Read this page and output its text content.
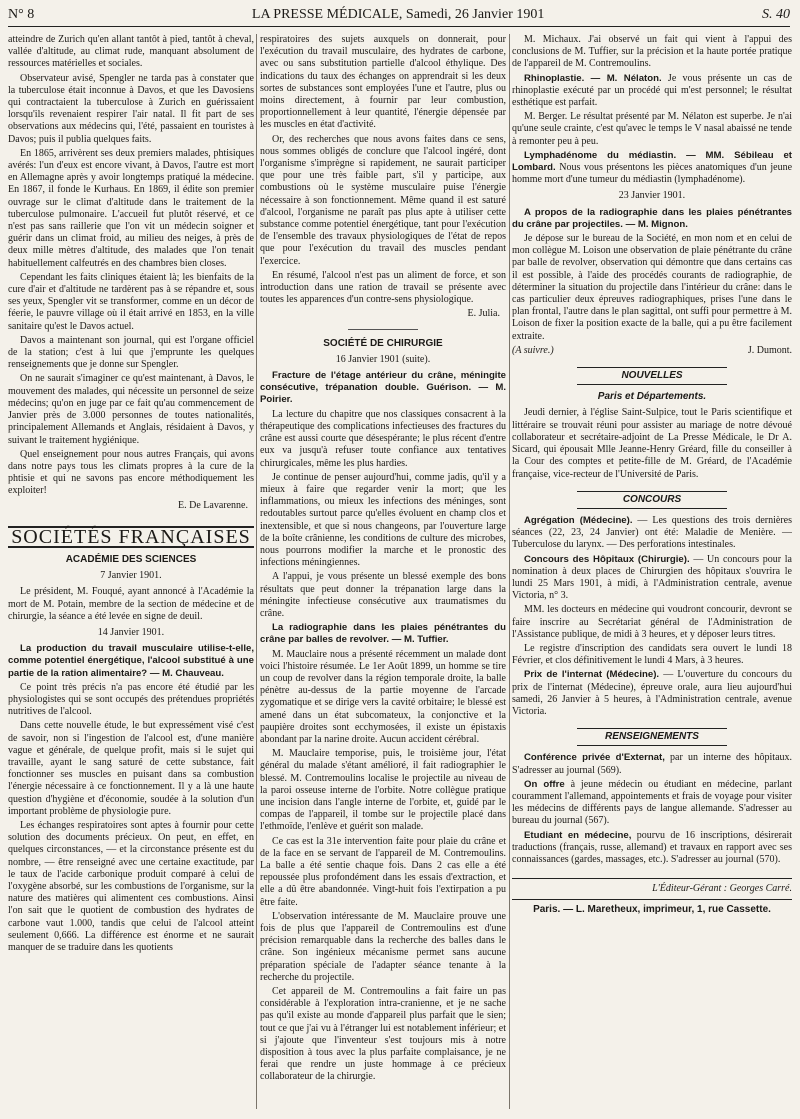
N° 8	LA PRESSE MÉDICALE, Samedi, 26 Janvier 1901	S. 40

atteindre de Zurich qu'en allant tantôt à pied, tantôt à cheval, vallée d'altitude, au climat rude, manquant absolument de ressources matérielles et sociales.

Observateur avisé, Spengler ne tarda pas à constater que la tuberculose était inconnue à Davos, et que les Davosiens qui contractaient la tuberculose à Zurich en guérissaient lorsqu'ils revenaient respirer l'air natal. Il fit part de ses observations aux médecins qui, l'été, passaient en touristes à Davos; puis il publia quelques faits.

En 1865, arrivèrent ses deux premiers malades, phtisiques avérés: l'un d'eux est encore vivant, à Davos, l'autre est mort en Allemagne après y avoir longtemps pratiqué la médecine. En 1867, il fonde le Kurhaus. En 1869, il édite son premier ouvrage sur le climat d'altitude dans le traitement de la tuberculose pulmonaire. L'accueil fut plutôt réservé, et ce n'est pas sans raillerie que l'on vit un médecin soigner et guérir dans un climat froid, au milieu des neiges, à près de deux mille mètres d'altitude, des malades que l'on tenait habituellement calfeutrés en des chambres bien closes.

Cependant les faits cliniques étaient là; les bienfaits de la cure d'air et d'altitude ne tardèrent pas à se répandre et, sous ses yeux, Spengler vit se transformer, comme en un décor de féerie, le pauvre village où il était arrivé en 1853, en la ville sanitaire qu'est le Davos actuel.

Davos a maintenant son journal, qui est l'organe officiel de la station; c'est à lui que j'emprunte les quelques renseignements que je donne sur Spengler.

On ne saurait s'imaginer ce qu'est maintenant, à Davos, le mouvement des malades, qui nécessite un personnel de seize médecins; qu'on en juge par ce fait qu'au commencement de Janvier près de 3.000 personnes de toutes nationalités, principalement Allemands et Anglais, résidaient à Davos, y suivant le traitement hygiénique.

Quel enseignement pour nous autres Français, qui avons dans notre pays tous les climats propres à la cure de la phtisie et qui ne savons pas encore méthodiquement les exploiter!

E. De Lavarenne.

SOCIÉTÉS FRANÇAISES
ACADÉMIE DES SCIENCES
7 Janvier 1901.

Le président, M. Fouqué, ayant annoncé à l'Académie la mort de M. Potain, membre de la section de médecine et de chirurgie, la séance a été levée en signe de deuil.

14 Janvier 1901.

La production du travail musculaire utilise-t-elle, comme potentiel énergétique, l'alcool substitué à une partie de la ration alimentaire? — M. Chauveau.

Ce point très précis n'a pas encore été étudié par les physiologistes qui se sont occupés des prétendues propriétés nutritives de l'alcool.

Dans cette nouvelle étude, le but expressément visé c'est de savoir, non si l'ingestion de l'alcool est, d'une manière vague et générale, de quelque profit, mais si le sujet qui travaille, ayant le sang saturé de cette substance, fait fonctionner ses muscles en puisant dans sa combustion l'énergie nécessaire à ce fonctionnement. Il y a là une haute question d'hygiène et d'économie, soudée à la solution d'un important problème de physiologie pure.

Les échanges respiratoires sont aptes à fournir pour cette solution des documents précieux. On peut, en effet, en quelques circonstances, — et la circonstance présente est du nombre, — être renseigné avec une certaine exactitude, par le taux de l'acide carbonique produit comparé à celui de l'oxygène absorbé, sur les combustions de l'organisme, sur la nature des matières qui alimentent ces combustions. Ainsi l'on sait que le quotient de combustion des hydrates de carbone vaut 1.000, tandis que celui de l'alcool atteint seulement 0,666. La différence est énorme et ne saurait manquer de se traduire dans les quotients

respiratoires des sujets auxquels on donnerait, pour l'exécution du travail musculaire, des hydrates de carbone, avec ou sans substitution partielle d'alcool éthylique. Des indications du taux des échanges on apprendrait si les deux sortes de substances sont employées l'une et l'autre, plus ou moins directement, à fournir par leur combustion, proportionnellement à leur quantité, l'énergie dépensée par les muscles en état d'activité.

Or, des recherches que nous avons faites dans ce sens, nous sommes obligés de conclure que l'alcool ingéré, dont l'organisme s'imprègne si rapidement, ne saurait participer que pour une très faible part, s'il y participe, aux combustions où le système musculaire puise l'énergie nécessaire à son fonctionnement. Même quand il est saturé d'alcool, l'organisme ne paraît pas plus apte à utiliser cette substance comme potentiel énergétique, tant pour l'exécution de l'ensemble des travaux physiologiques de l'état de repos que pour l'exécution du travail des muscles pendant l'exercice.

En résumé, l'alcool n'est pas un aliment de force, et son introduction dans une ration de travail se présente avec toutes les apparences d'un contre-sens physiologique.

E. Julia.

SOCIÉTÉ DE CHIRURGIE
16 Janvier 1901 (suite).

Fracture de l'étage antérieur du crâne, méningite consécutive, trépanation double. Guérison. — M. Poirier.

La lecture du chapitre que nos classiques consacrent à la thérapeutique des complications infectieuses des fractures du crâne est aussi courte que désespérante; le plus récent d'entre eux va jusqu'à refuser toute confiance aux tentatives chirurgicales, même les plus hardies.

Je continue de penser aujourd'hui, comme jadis, qu'il y a mieux à faire que regarder venir la mort; que les inflammations, ou mieux les infections des méninges, sont redoutables surtout parce qu'elles évoluent en champ clos et inextensible, et que si nous changeons, par l'ouverture large de la boîte crânienne, les conditions de culture des microbes, nous pourrons modifier la marche et le pronostic des infections méningiennes.

A l'appui, je vous présente un blessé exemple des bons résultats que peut donner la trépanation large dans la méningite infectieuse consécutive aux traumatismes du crâne.

La radiographie dans les plaies pénétrantes du crâne par balles de revolver. — M. Tuffier.

M. Mauclaire nous a présenté récemment un malade dont voici l'histoire résumée. Le 1er Août 1899, un homme se tire un coup de revolver dans la région temporale droite, la balle pénètre au-dessus de la partie moyenne de l'arcade zygomatique et se dirige vers la cavité orbitaire; le blessé est amené dans un état subcomateux, la conjonctive et la paupière droites sont ecchymosées, il existe un épistaxis abondant par la narine droite. Aucun accident cérébral.

M. Mauclaire temporise, puis, le troisième jour, l'état général du malade s'étant amélioré, il fait radiographier le blessé. M. Contremoulins localise le projectile au niveau de la paroi osseuse interne de l'orbite. Notre collègue pratique une incision dans l'angle interne de l'orbite, et, guidé par le compas de l'appareil, il tombe sur le projectile placé dans l'ethmoïde, l'enlève et guérit son malade.

Ce cas est la 31e intervention faite pour plaie du crâne et de la face en se servant de l'appareil de M. Contremoulins. La balle a été sentie chaque fois. Dans 2 cas elle a été repoussée plus profondément dans les essais d'extraction, et elle a dû être abandonnée. Vingt-huit fois l'extirpation a pu être faite.

L'observation intéressante de M. Mauclaire prouve une fois de plus que l'appareil de Contremoulins est d'une précision remarquable dans la recherche des balles dans le crâne. Son ingénieux mécanisme permet sans aucune préparation spéciale de l'adapter séance tenante à la recherche du projectile.

Cet appareil de M. Contremoulins a fait faire un pas considérable à l'exploration intra-cranienne, et je ne sache pas qu'il existe au monde d'appareil plus parfait que le sien; tout ce que j'ai vu à l'étranger lui est notablement inférieur; et si j'ajoute que l'inventeur s'est toujours mis à notre disposition à tous avec la plus parfaite complaisance, je ne ferai que rendre un juste hommage à ce précieux collaborateur de la chirurgie.

M. Michaux. J'ai observé un fait qui vient à l'appui des conclusions de M. Tuffier, sur la précision et la haute portée pratique de l'appareil de M. Contremoulins.

Rhinoplastie. — M. Nélaton. Je vous présente un cas de rhinoplastie exécuté par un procédé qui m'est personnel; le résultat esthétique est parfait.

M. Berger. Le résultat présenté par M. Nélaton est superbe. Je n'ai qu'une seule crainte, c'est qu'avec le temps le V nasal abaissé ne tende à remonter peu à peu.

Lymphadénome du médiastin. — MM. Sébileau et Lombard. Nous vous présentons les pièces anatomiques d'un jeune homme mort d'une tumeur du médiastin (lymphadénome).

23 Janvier 1901.

A propos de la radiographie dans les plaies pénétrantes du crâne par projectiles. — M. Mignon.

Je dépose sur le bureau de la Société, en mon nom et en celui de mon collègue M. Loison une observation de plaie pénétrante du crâne par balle de revolver, observation qui démontre que dans certains cas il est possible, à l'aide des procédés courants de radiographie, de déterminer la situation du projectile dans l'intérieur du crâne: dans le cas particulier deux épreuves radiographiques, prises l'une dans le plan frontal, l'autre dans le plan sagittal, ont suffi pour permettre à M. Loison de fixer la position exacte de la balle, qui a pu être facilement extraite.

(A suivre.)	J. Dumont.
NOUVELLES
Paris et Départements.

Jeudi dernier, à l'église Saint-Sulpice, tout le Paris scientifique et littéraire se trouvait réuni pour assister au mariage de notre dévoué collaborateur et secrétaire-adjoint de La Presse Médicale, le Dr A. Sicard, qui épousait Mlle Jeanne-Henry Gréard, fille du conseiller à la Cour des comptes et petite-fille de M. Gréard, de l'Académie française, vice-recteur de l'Université de Paris.

CONCOURS

Agrégation (Médecine). — Les questions des trois dernières séances (22, 23, 24 Janvier) ont été: Maladie de Menière. — Tuberculose du larynx. — Des perforations intestinales.

Concours des Hôpitaux (Chirurgie). — Un concours pour la nomination à deux places de Chirurgien des hôpitaux s'ouvrira le lundi 25 Mars 1901, à midi, à l'Administration centrale, avenue Victoria, n° 3.

MM. les docteurs en médecine qui voudront concourir, devront se faire inscrire au Secrétariat général de l'Administration de l'Assistance publique, de midi à 3 heures, et y déposer leurs titres.

Le registre d'inscription des candidats sera ouvert le lundi 18 Février, et clos définitivement le lundi 4 Mars, à 3 heures.

Prix de l'internat (Médecine). — L'ouverture du concours du prix de l'internat (Médecine), épreuve orale, aura lieu aujourd'hui samedi, 26 Janvier à 5 heures, à l'Administration centrale, avenue Victoria.

RENSEIGNEMENTS

Conférence privée d'Externat, par un interne des hôpitaux. S'adresser au journal (569).

On offre à jeune médecin ou étudiant en médecine, parlant couramment l'allemand, appointements et frais de voyage pour visiter les médecins de différents pays de langue allemande. S'adresser au bureau du journal (567).

Etudiant en médecine, pourvu de 16 inscriptions, désirerait traductions (français, russe, allemand) et travaux en rapport avec ses connaissances (gardes, massages, etc.). S'adresser au journal (570).

L'Éditeur-Gérant : Georges Carré.
Paris. — L. Maretheux, imprimeur, 1, rue Cassette.
